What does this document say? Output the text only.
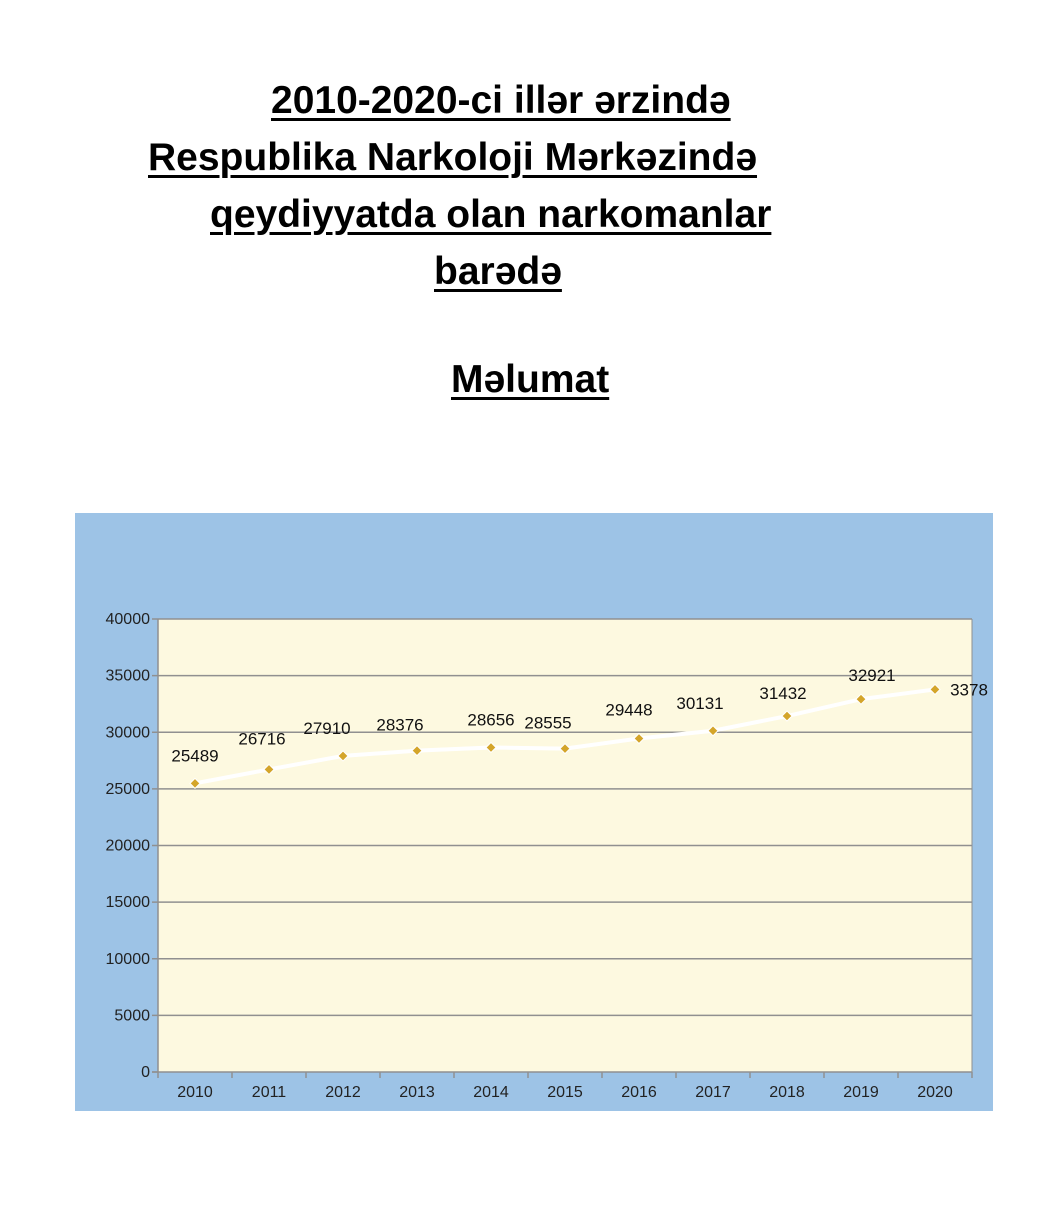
2010-2020-ci illər ərzində

Respublika Narkoloji Mərkəzində

qeydiyyatda olan narkomanlar

barədə

Məlumat

0
5000
10000
15000
20000
25000
30000
35000
40000
2010 2011 2012 2013 2014 2015 2016 2017 2018 2019 2020
25489
26716
27910 28376	28656 28555
29448 30131
31432
32921
3378
